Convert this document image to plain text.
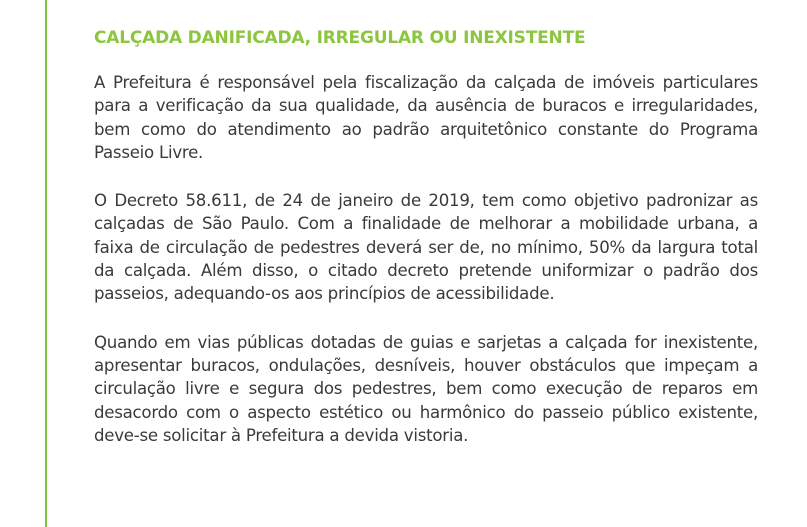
CALÇADA DANIFICADA, IRREGULAR OU INEXISTENTE

A Prefeitura é responsável pela fiscalização da calçada de imóveis particulares para a verificação da sua qualidade, da ausência de buracos e irregularidades, bem como do atendimento ao padrão arquitetônico constante do Programa Passeio Livre.

O Decreto 58.611, de 24 de janeiro de 2019, tem como objetivo padronizar as calçadas de São Paulo. Com a finalidade de melhorar a mobilidade urbana, a faixa de circulação de pedestres deverá ser de, no mínimo, 50% da largura total da calçada. Além disso, o citado decreto pretende uniformizar o padrão dos passeios, adequando-os aos princípios de acessibilidade.

Quando em vias públicas dotadas de guias e sarjetas a calçada for inexistente, apresentar buracos, ondulações, desníveis, houver obstáculos que impeçam a circulação livre e segura dos pedestres, bem como execução de reparos em desacordo com o aspecto estético ou harmônico do passeio público existente, deve-se solicitar à Prefeitura a devida vistoria.
